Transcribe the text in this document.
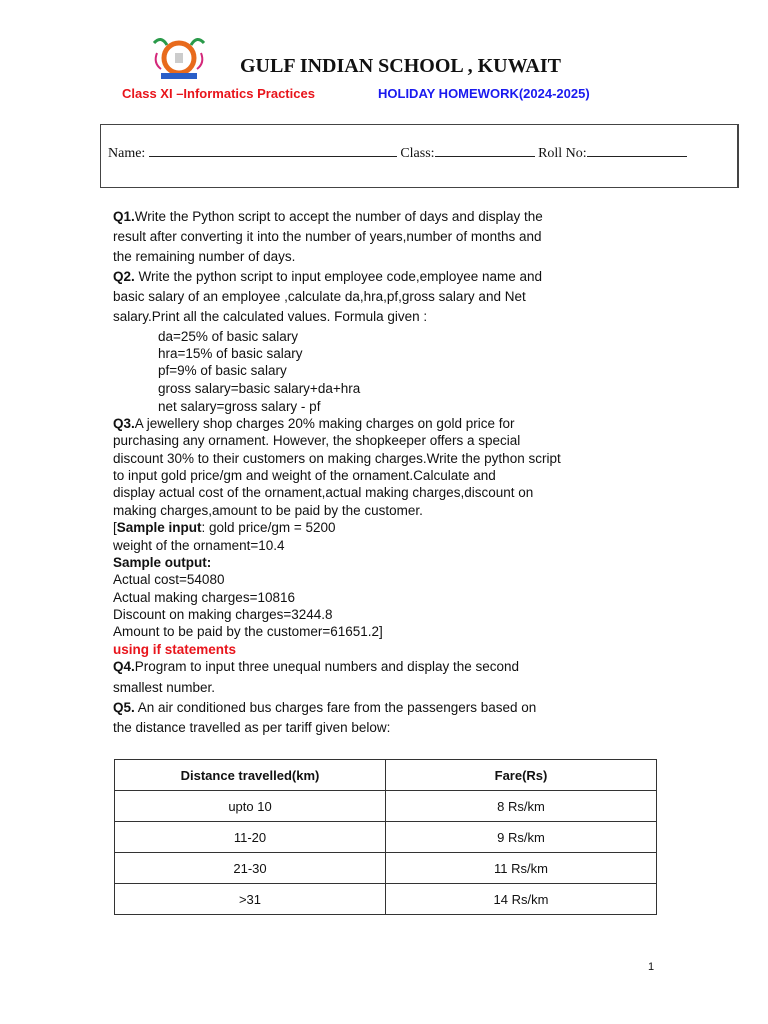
GULF INDIAN SCHOOL , KUWAIT
Class XI –Informatics Practices	HOLIDAY HOMEWORK(2024-2025)
Name:	Class:	Roll No:
Q1.Write the Python script to accept the number of days and display the
result after converting it into the number of years,number of months and
the remaining number of days.
Q2. Write the python script to input employee code,employee name and
basic salary of an employee ,calculate da,hra,pf,gross salary and Net
salary.Print all the calculated values. Formula given :
da=25% of basic salary
hra=15% of basic salary
pf=9% of basic salary
gross salary=basic salary+da+hra
net salary=gross salary - pf
Q3.A jewellery shop charges 20% making charges on gold price for
purchasing any ornament. However, the shopkeeper offers a special
discount 30% to their customers on making charges.Write the python script
to input gold price/gm and weight of the ornament.Calculate and
display actual cost of the ornament,actual making charges,discount on
making charges,amount to be paid by the customer.
[Sample input: gold price/gm = 5200
weight of the ornament=10.4
Sample output:
Actual cost=54080
Actual making charges=10816
Discount on making charges=3244.8
Amount to be paid by the customer=61651.2]
using if statements
Q4.Program to input three unequal numbers and display the second
smallest number.
Q5. An air conditioned bus charges fare from the passengers based on
the distance travelled as per tariff given below:
Distance travelled(km)	Fare(Rs)
upto 10	8 Rs/km
11-20	9 Rs/km
21-30	11 Rs/km
>31	14 Rs/km
1
